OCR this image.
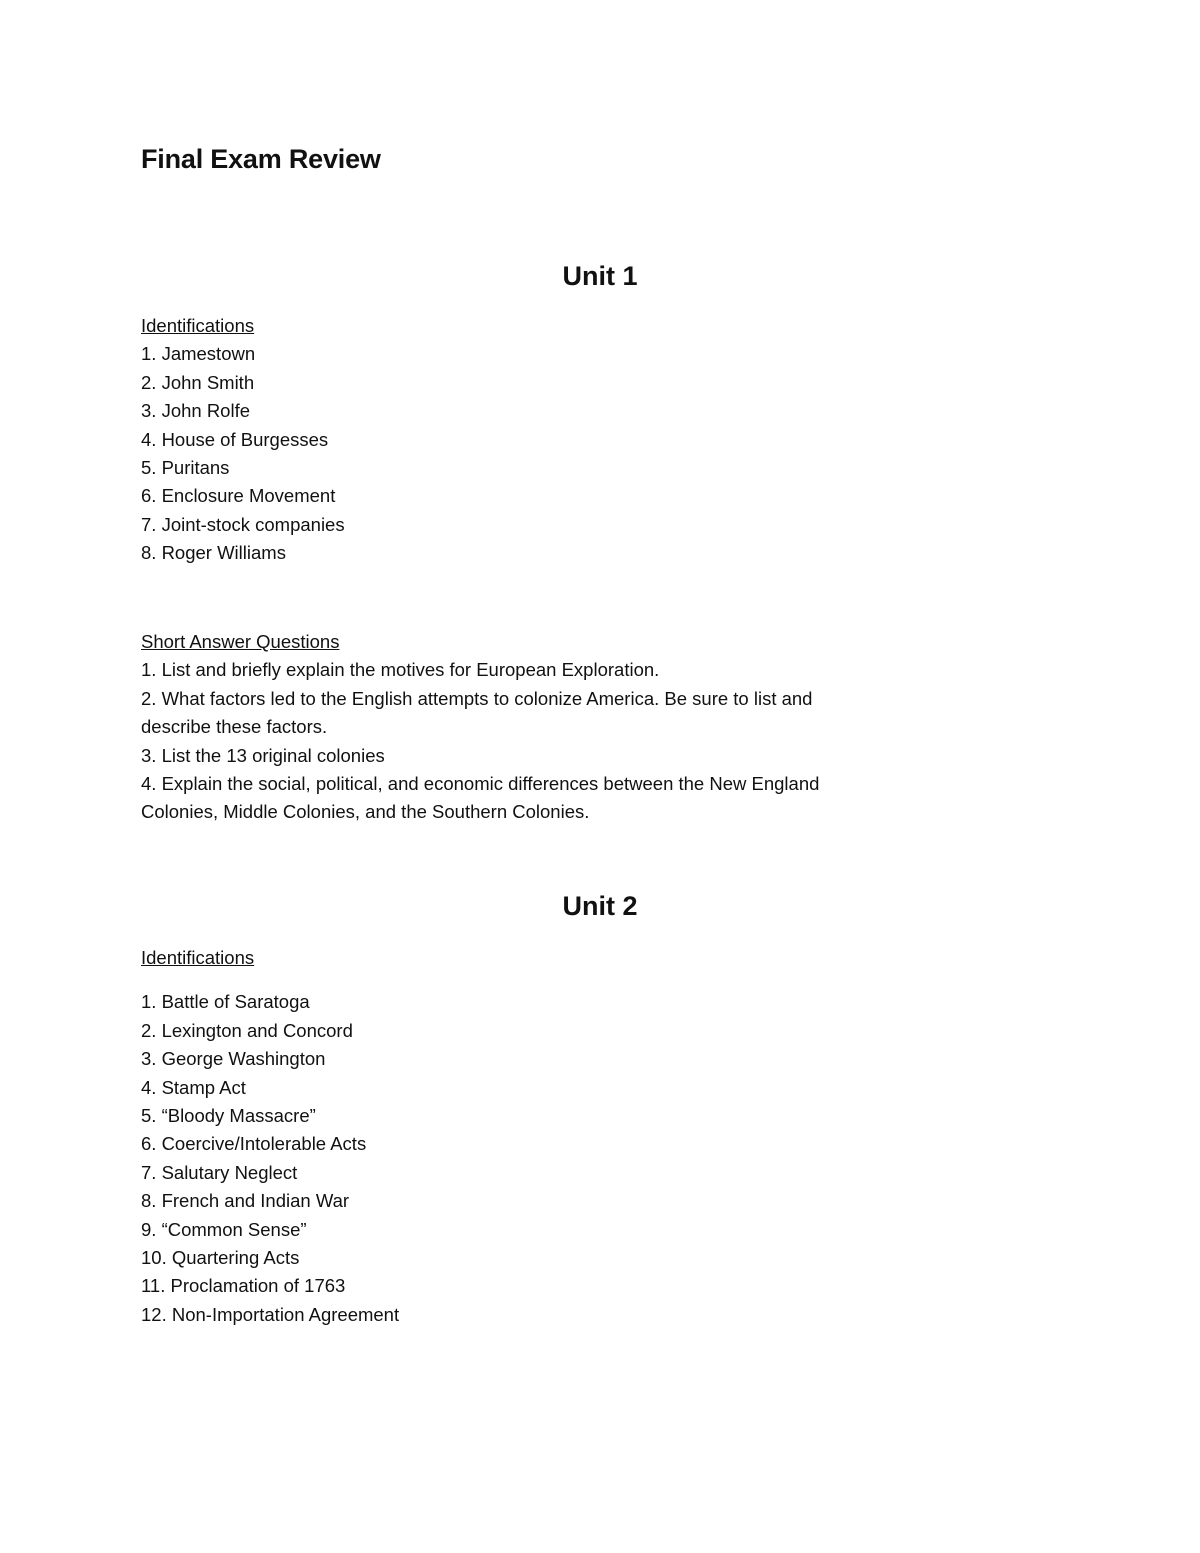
Final Exam Review
Unit 1

Identifications

1. Jamestown

2. John Smith

3. John Rolfe

4. House of Burgesses

5. Puritans

6. Enclosure Movement

7. Joint-stock companies

8. Roger Williams

Short Answer Questions

1. List and briefly explain the motives for European Exploration.

2. What factors led to the English attempts to colonize America. Be sure to list and describe these factors.

3. List the 13 original colonies

4. Explain the social, political, and economic differences between the New England Colonies, Middle Colonies, and the Southern Colonies.

Unit 2

Identifications

1. Battle of Saratoga

2. Lexington and Concord

3. George Washington

4. Stamp Act

5. “Bloody Massacre”

6. Coercive/Intolerable Acts

7. Salutary Neglect

8. French and Indian War

9. “Common Sense”

10. Quartering Acts

11. Proclamation of 1763

12. Non-Importation Agreement
